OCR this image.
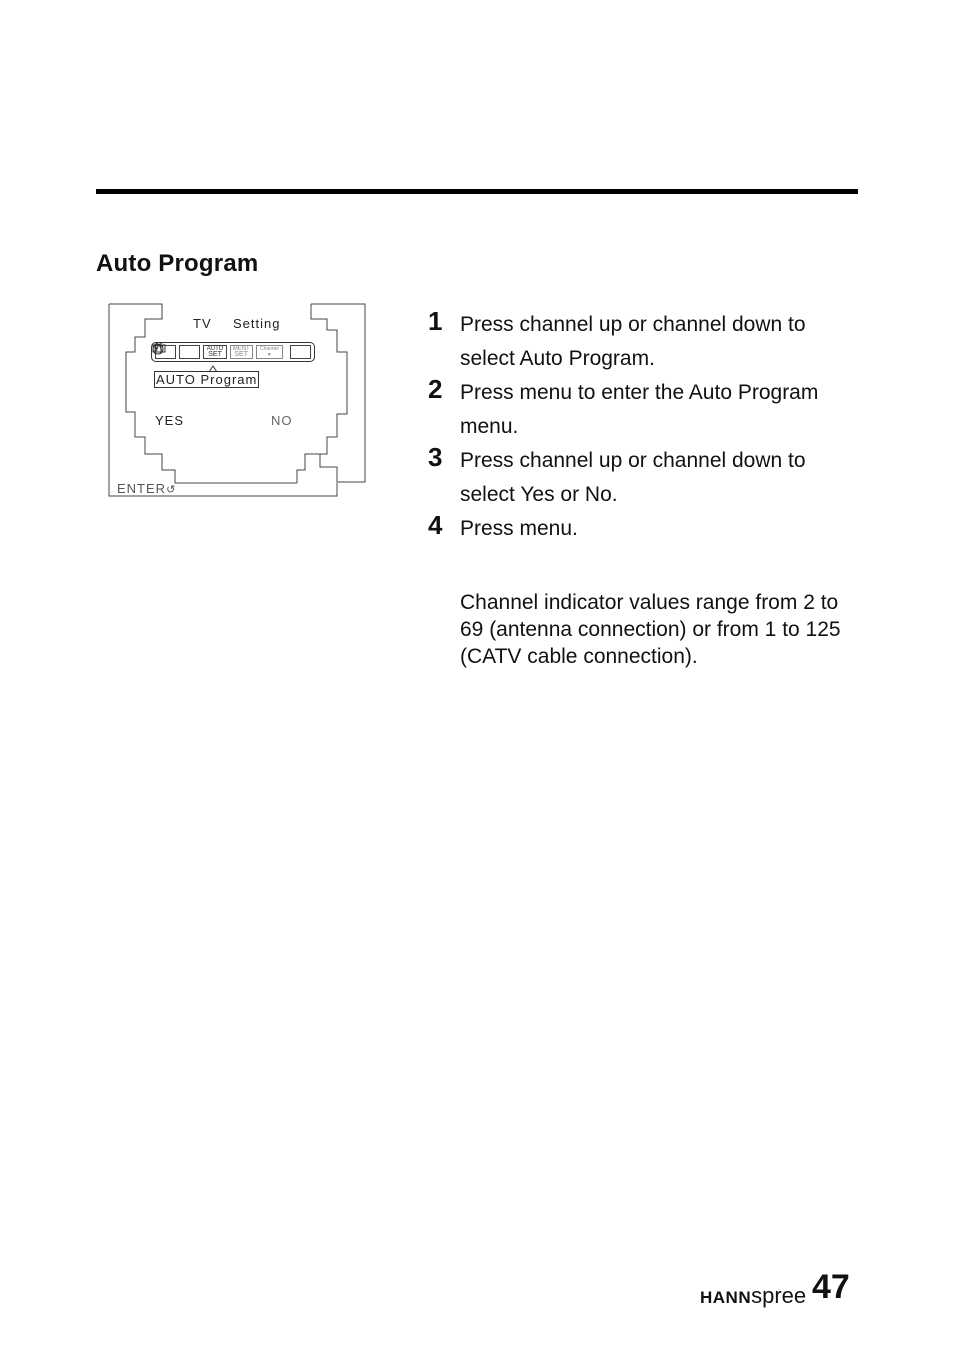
Auto Program
TV Setting
AUTO
SET
MENT
SET
Channel
▼
AUTO Program
YES	NO
ENTER↺
1 Press channel up or channel down to select Auto Program.
2 Press menu to enter the Auto Program menu.
3 Press channel up or channel down to select Yes or No.
4 Press menu.
Channel indicator values range from 2 to 69 (antenna connection) or from 1 to 125 (CATV cable connection).
HANNspree 47
